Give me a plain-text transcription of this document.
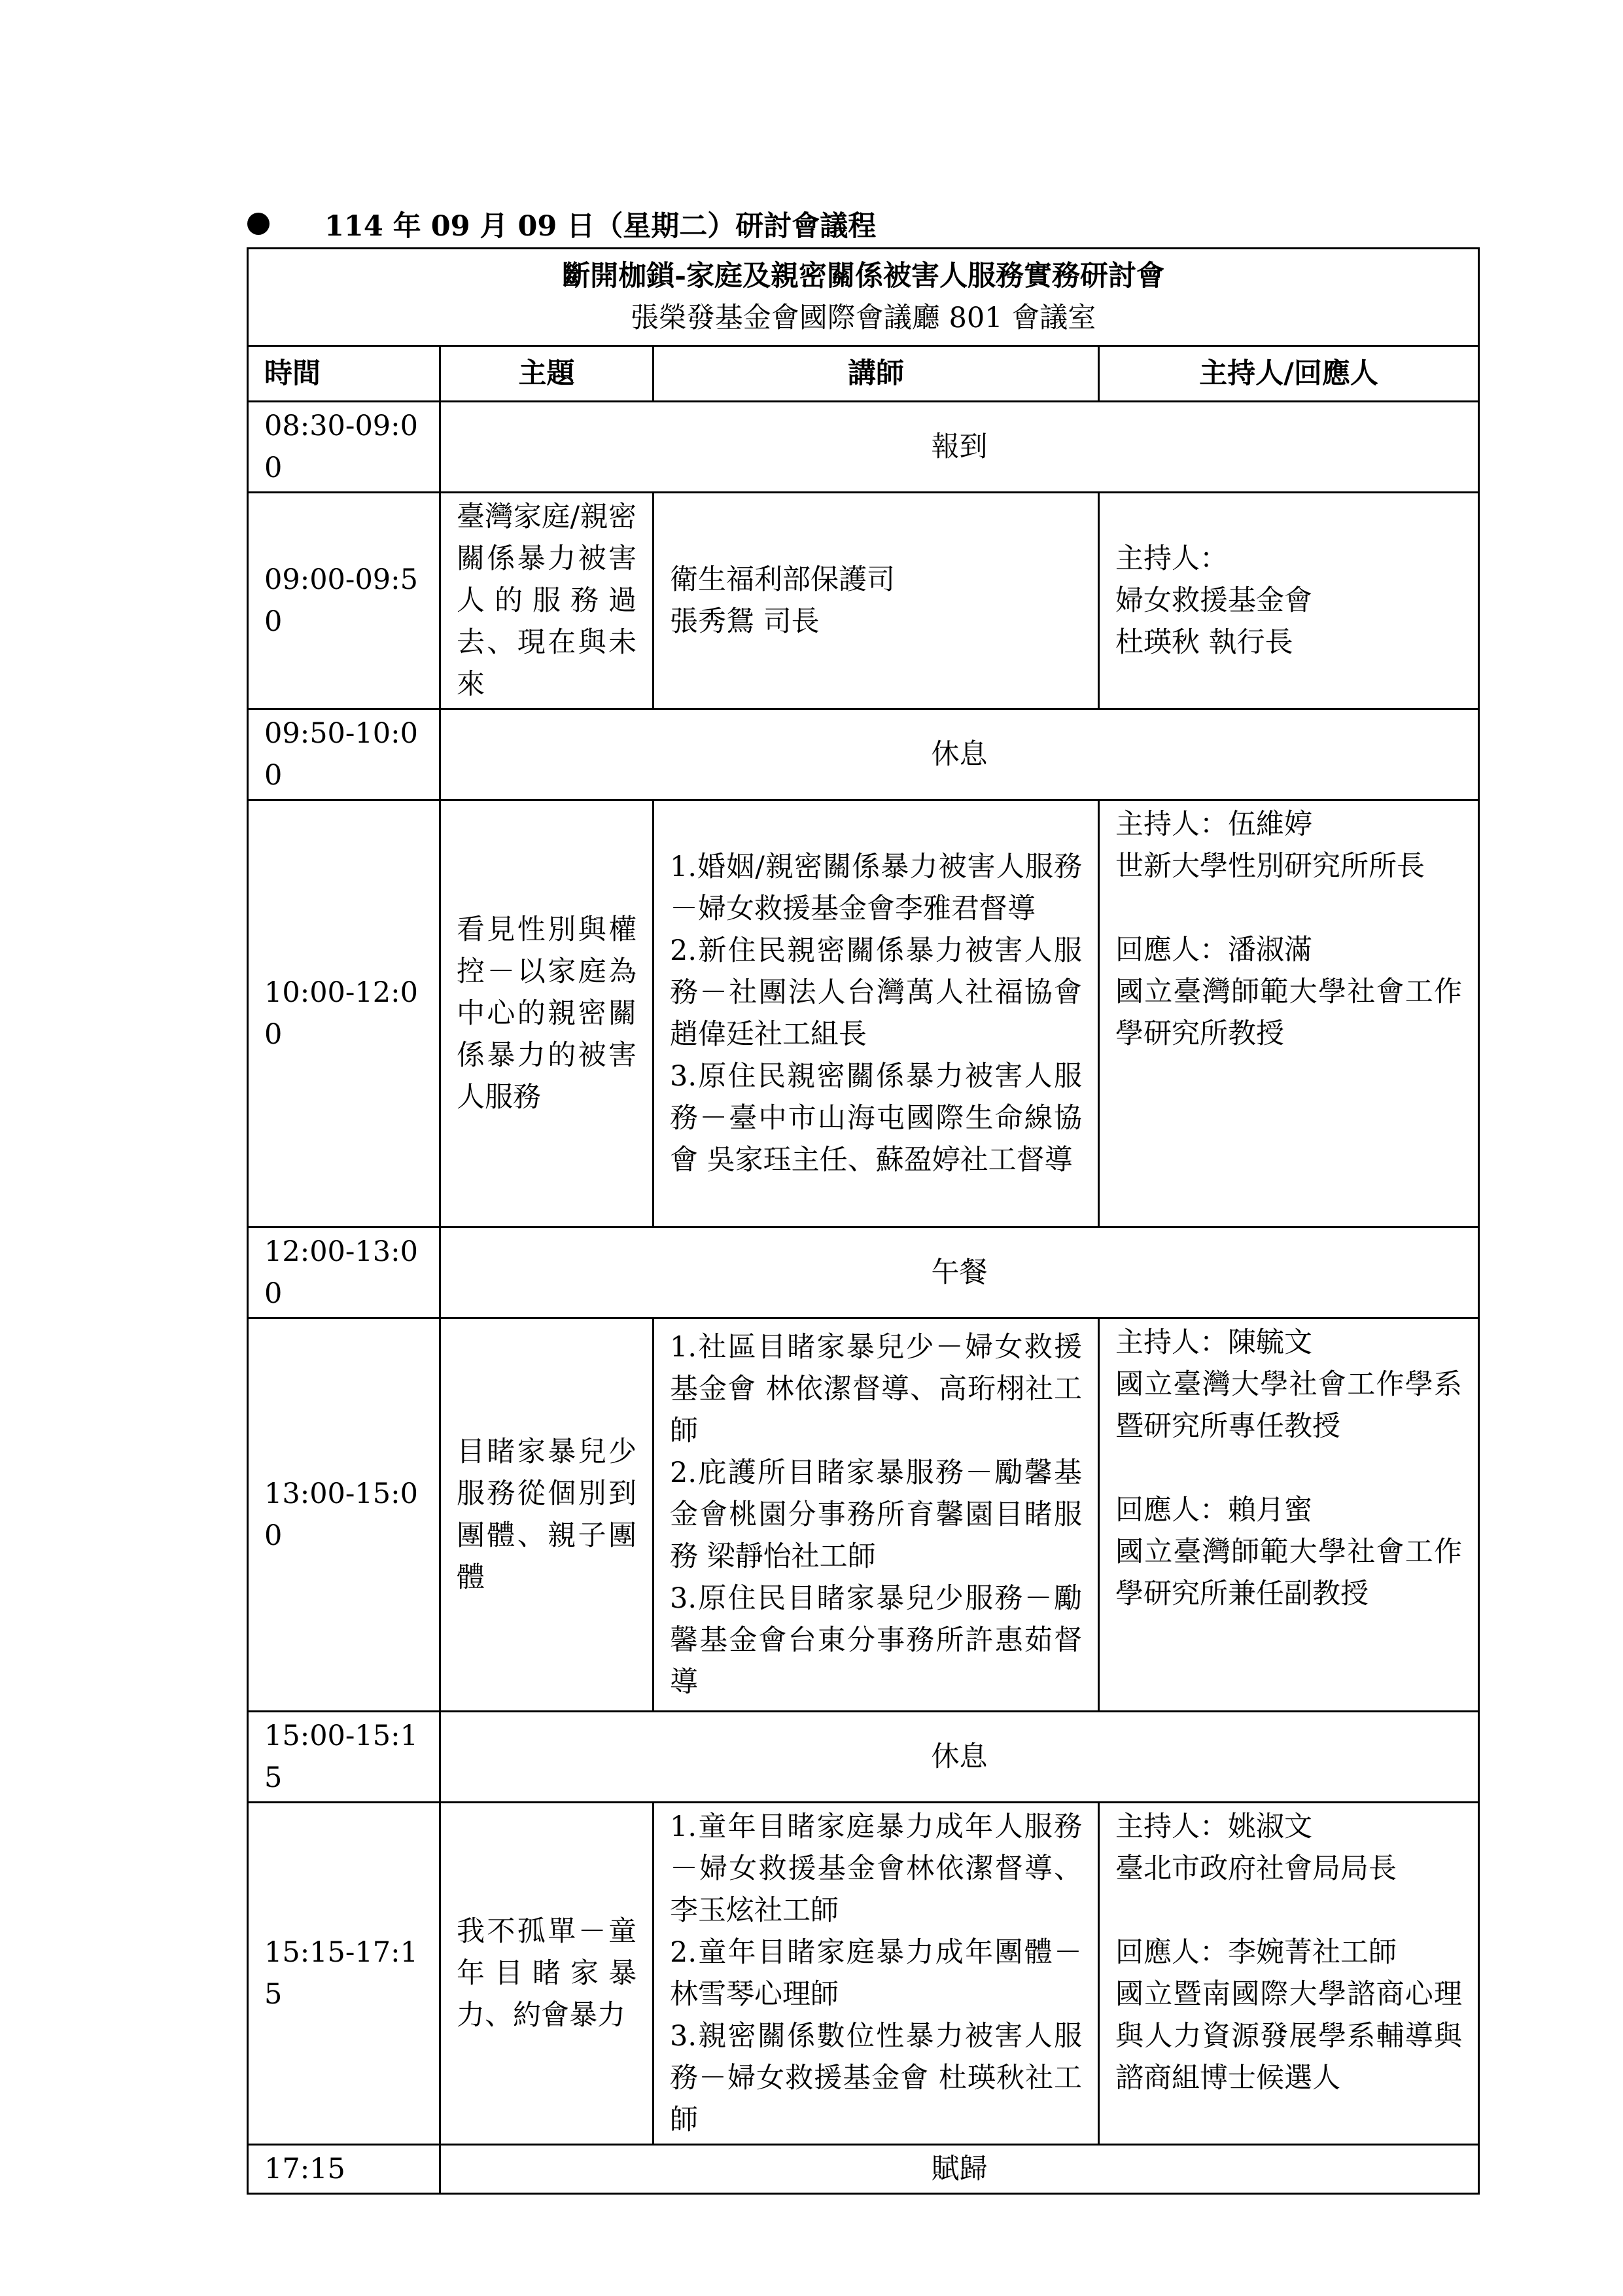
114 年 09 月 09 日（星期二）研討會議程
斷開枷鎖-家庭及親密關係被害人服務實務研討會
張榮發基金會國際會議廳 801 會議室			

時間	主題	講師	主持人/回應人
08:30-09:00	報到		
09:00-09:50	臺灣家庭/親密關係暴力被害人的服務過去、現在與未來	衛生福利部保護司
張秀鴛 司長	主持人：
婦女救援基金會
杜瑛秋 執行長

09:50-10:00	休息		
10:00-12:00	看見性別與權控－以家庭為中心的親密關係暴力的被害人服務	1.婚姻/親密關係暴力被害人服務－婦女救援基金會李雅君督導
2.新住民親密關係暴力被害人服務－社團法人台灣萬人社福協會 趙偉廷社工組長
3.原住民親密關係暴力被害人服務－臺中市山海屯國際生命線協會 吳家珏主任、蘇盈婷社工督導	主持人：伍維婷
世新大學性別研究所所長
回應人：潘淑滿
國立臺灣師範大學社會工作學研究所教授

12:00-13:00	午餐		
13:00-15:00	目睹家暴兒少服務從個別到團體、親子團體	1.社區目睹家暴兒少－婦女救援基金會 林依潔督導、高珩栩社工師
2.庇護所目睹家暴服務－勵馨基金會桃園分事務所育馨園目睹服務 梁靜怡社工師
3.原住民目睹家暴兒少服務－勵馨基金會台東分事務所許惠茹督導	主持人：陳毓文
國立臺灣大學社會工作學系暨研究所專任教授
回應人：賴月蜜
國立臺灣師範大學社會工作學研究所兼任副教授

15:00-15:15	休息		
15:15-17:15	我不孤單－童年目睹家暴力、約會暴力	1.童年目睹家庭暴力成年人服務－婦女救援基金會林依潔督導、李玉炫社工師
2.童年目睹家庭暴力成年團體－林雪琴心理師
3.親密關係數位性暴力被害人服務－婦女救援基金會 杜瑛秋社工師	主持人：姚淑文
臺北市政府社會局局長
回應人：李婉菁社工師
國立暨南國際大學諮商心理與人力資源發展學系輔導與諮商組博士候選人

17:15	賦歸		
